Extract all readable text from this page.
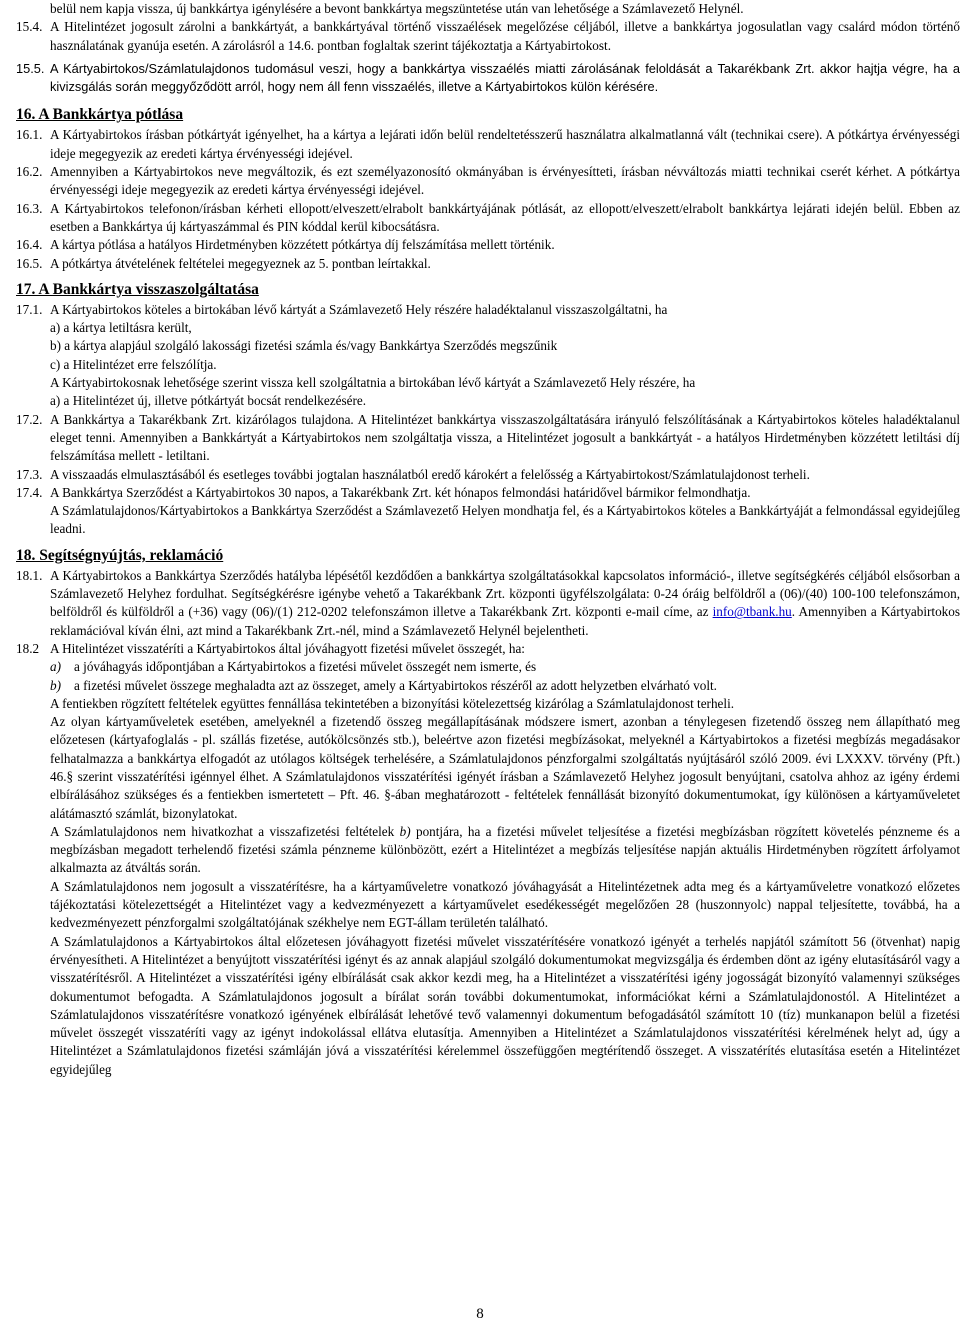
belül nem kapja vissza, új bankkártya igénylésére a bevont bankkártya megszüntetése után van lehetősége a Számlavezető Helynél.
15.4. A Hitelintézet jogosult zárolni a bankkártyát, a bankkártyával történő visszaélések megelőzése céljából, illetve a bankkártya jogosulatlan vagy csalárd módon történő használatának gyanúja esetén. A zárolásról a 14.6. pontban foglaltak szerint tájékoztatja a Kártyabirtokost.
15.5. A Kártyabirtokos/Számlatulajdonos tudomásul veszi, hogy a bankkártya visszaélés miatti zárolásának feloldását a Takarékbank Zrt. akkor hajtja végre, ha a kivizsgálás során meggyőződött arról, hogy nem áll fenn visszaélés, illetve a Kártyabirtokos külön kérésére.
16. A Bankkártya pótlása
16.1. A Kártyabirtokos írásban pótkártyát igényelhet, ha a kártya a lejárati időn belül rendeltetésszerű használatra alkalmatlanná vált (technikai csere). A pótkártya érvényességi ideje megegyezik az eredeti kártya érvényességi idejével.
16.2. Amennyiben a Kártyabirtokos neve megváltozik, és ezt személyazonosító okmányában is érvényesítteti, írásban névváltozás miatti technikai cserét kérhet. A pótkártya érvényességi ideje megegyezik az eredeti kártya érvényességi idejével.
16.3. A Kártyabirtokos telefonon/írásban kérheti ellopott/elveszett/elrabolt bankkártyájának pótlását, az ellopott/elveszett/elrabolt bankkártya lejárati idején belül. Ebben az esetben a Bankkártya új kártyaszámmal és PIN kóddal kerül kibocsátásra.
16.4. A kártya pótlása a hatályos Hirdetményben közzétett pótkártya díj felszámítása mellett történik.
16.5. A pótkártya átvételének feltételei megegyeznek az 5. pontban leírtakkal.
17. A Bankkártya visszaszolgáltatása
17.1. A Kártyabirtokos köteles a birtokában lévő kártyát a Számlavezető Hely részére haladéktalanul visszaszolgáltatni, ha
a) a kártya letiltásra került,
b) a kártya alapjául szolgáló lakossági fizetési számla és/vagy Bankkártya Szerződés megszűnik
c) a Hitelintézet erre felszólítja.
A Kártyabirtokosnak lehetősége szerint vissza kell szolgáltatnia a birtokában lévő kártyát a Számlavezető Hely részére, ha
a) a Hitelintézet új, illetve pótkártyát bocsát rendelkezésére.
17.2. A Bankkártya a Takarékbank Zrt. kizárólagos tulajdona. A Hitelintézet bankkártya visszaszolgáltatására irányuló felszólításának a Kártyabirtokos köteles haladéktalanul eleget tenni. Amennyiben a Bankkártyát a Kártyabirtokos nem szolgáltatja vissza, a Hitelintézet jogosult a bankkártyát - a hatályos Hirdetményben közzétett letiltási díj felszámítása mellett - letiltani.
17.3. A visszaadás elmulasztásából és esetleges további jogtalan használatból eredő károkért a felelősség a Kártyabirtokost/Számlatulajdonost terheli.
17.4. A Bankkártya Szerződést a Kártyabirtokos 30 napos, a Takarékbank Zrt. két hónapos felmondási határidővel bármikor felmondhatja.
A Számlatulajdonos/Kártyabirtokos a Bankkártya Szerződést a Számlavezető Helyen mondhatja fel, és a Kártyabirtokos köteles a Bankkártyáját a felmondással egyidejűleg leadni.
18. Segítségnyújtás, reklamáció
18.1. A Kártyabirtokos a Bankkártya Szerződés hatályba lépésétől kezdődően a bankkártya szolgáltatásokkal kapcsolatos információ-, illetve segítségkérés céljából elsősorban a Számlavezető Helyhez fordulhat. Segítségkérésre igénybe vehető a Takarékbank Zrt. központi ügyfélszolgálata: 0-24 óráig belföldről a (06)/(40) 100-100 telefonszámon, belföldről és külföldről a (+36) vagy (06)/(1) 212-0202 telefonszámon illetve a Takarékbank Zrt. központi e-mail címe, az info@tbank.hu. Amennyiben a Kártyabirtokos reklamációval kíván élni, azt mind a Takarékbank Zrt.-nél, mind a Számlavezető Helynél bejelentheti.
18.2 A Hitelintézet visszatéríti a Kártyabirtokos által jóváhagyott fizetési művelet összegét, ha:
a) a jóváhagyás időpontjában a Kártyabirtokos a fizetési művelet összegét nem ismerte, és
b) a fizetési művelet összege meghaladta azt az összeget, amely a Kártyabirtokos részéről az adott helyzetben elvárható volt.
A fentiekben rögzített feltételek együttes fennállása tekintetében a bizonyítási kötelezettség kizárólag a Számlatulajdonost terheli.
Az olyan kártyaműveletek esetében, amelyeknél a fizetendő összeg megállapításának módszere ismert, azonban a ténylegesen fizetendő összeg nem állapítható meg előzetesen (kártyafoglalás - pl. szállás fizetése, autókölcsönzés stb.), beleértve azon fizetési megbízásokat, melyeknél a Kártyabirtokos a fizetési megbízás megadásakor felhatalmazza a bankkártya elfogadót az utólagos költségek terhelésére, a Számlatulajdonos pénzforgalmi szolgáltatás nyújtásáról szóló 2009. évi LXXXV. törvény (Pft.) 46.§ szerint visszatérítési igénnyel élhet. A Számlatulajdonos visszatérítési igényét írásban a Számlavezető Helyhez jogosult benyújtani, csatolva ahhoz az igény érdemi elbírálásához szükséges és a fentiekben ismertetett – Pft. 46. §-ában meghatározott - feltételek fennállását bizonyító dokumentumokat, így különösen a kártyaműveletet alátámasztó számlát, bizonylatokat.
A Számlatulajdonos nem hivatkozhat a visszafizetési feltételek b) pontjára, ha a fizetési művelet teljesítése a fizetési megbízásban rögzített követelés pénzneme és a megbízásban megadott terhelendő fizetési számla pénzneme különbözött, ezért a Hitelintézet a megbízás teljesítése napján aktuális Hirdetményben rögzített árfolyamot alkalmazta az átváltás során.
A Számlatulajdonos nem jogosult a visszatérítésre, ha a kártyaműveletre vonatkozó jóváhagyását a Hitelintézetnek adta meg és a kártyaműveletre vonatkozó előzetes tájékoztatási kötelezettségét a Hitelintézet vagy a kedvezményezett a kártyaművelet esedékességét megelőzően 28 (huszonnyolc) nappal teljesítette, továbbá, ha a kedvezményezett pénzforgalmi szolgáltatójának székhelye nem EGT-állam területén található.
A Számlatulajdonos a Kártyabirtokos által előzetesen jóváhagyott fizetési művelet visszatérítésére vonatkozó igényét a terhelés napjától számított 56 (ötvenhat) napig érvényesítheti. A Hitelintézet a benyújtott visszatérítési igényt és az annak alapjául szolgáló dokumentumokat megvizsgálja és érdemben dönt az igény elutasításáról vagy a visszatérítésről. A Hitelintézet a visszatérítési igény elbírálását csak akkor kezdi meg, ha a Hitelintézet a visszatérítési igény jogosságát bizonyító valamennyi szükséges dokumentumot befogadta. A Számlatulajdonos jogosult a bírálat során további dokumentumokat, információkat kérni a Számlatulajdonostól. A Hitelintézet a Számlatulajdonos visszatérítésre vonatkozó igényének elbírálását lehetővé tevő valamennyi dokumentum befogadásától számított 10 (tíz) munkanapon belül a fizetési művelet összegét visszatéríti vagy az igényt indokolással ellátva elutasítja. Amennyiben a Hitelintézet a Számlatulajdonos visszatérítési kérelmének helyt ad, úgy a Hitelintézet a Számlatulajdonos fizetési számláján jóvá a visszatérítési kérelemmel összefüggően megtérítendő összeget. A visszatérítés elutasítása esetén a Hitelintézet egyidejűleg
8
